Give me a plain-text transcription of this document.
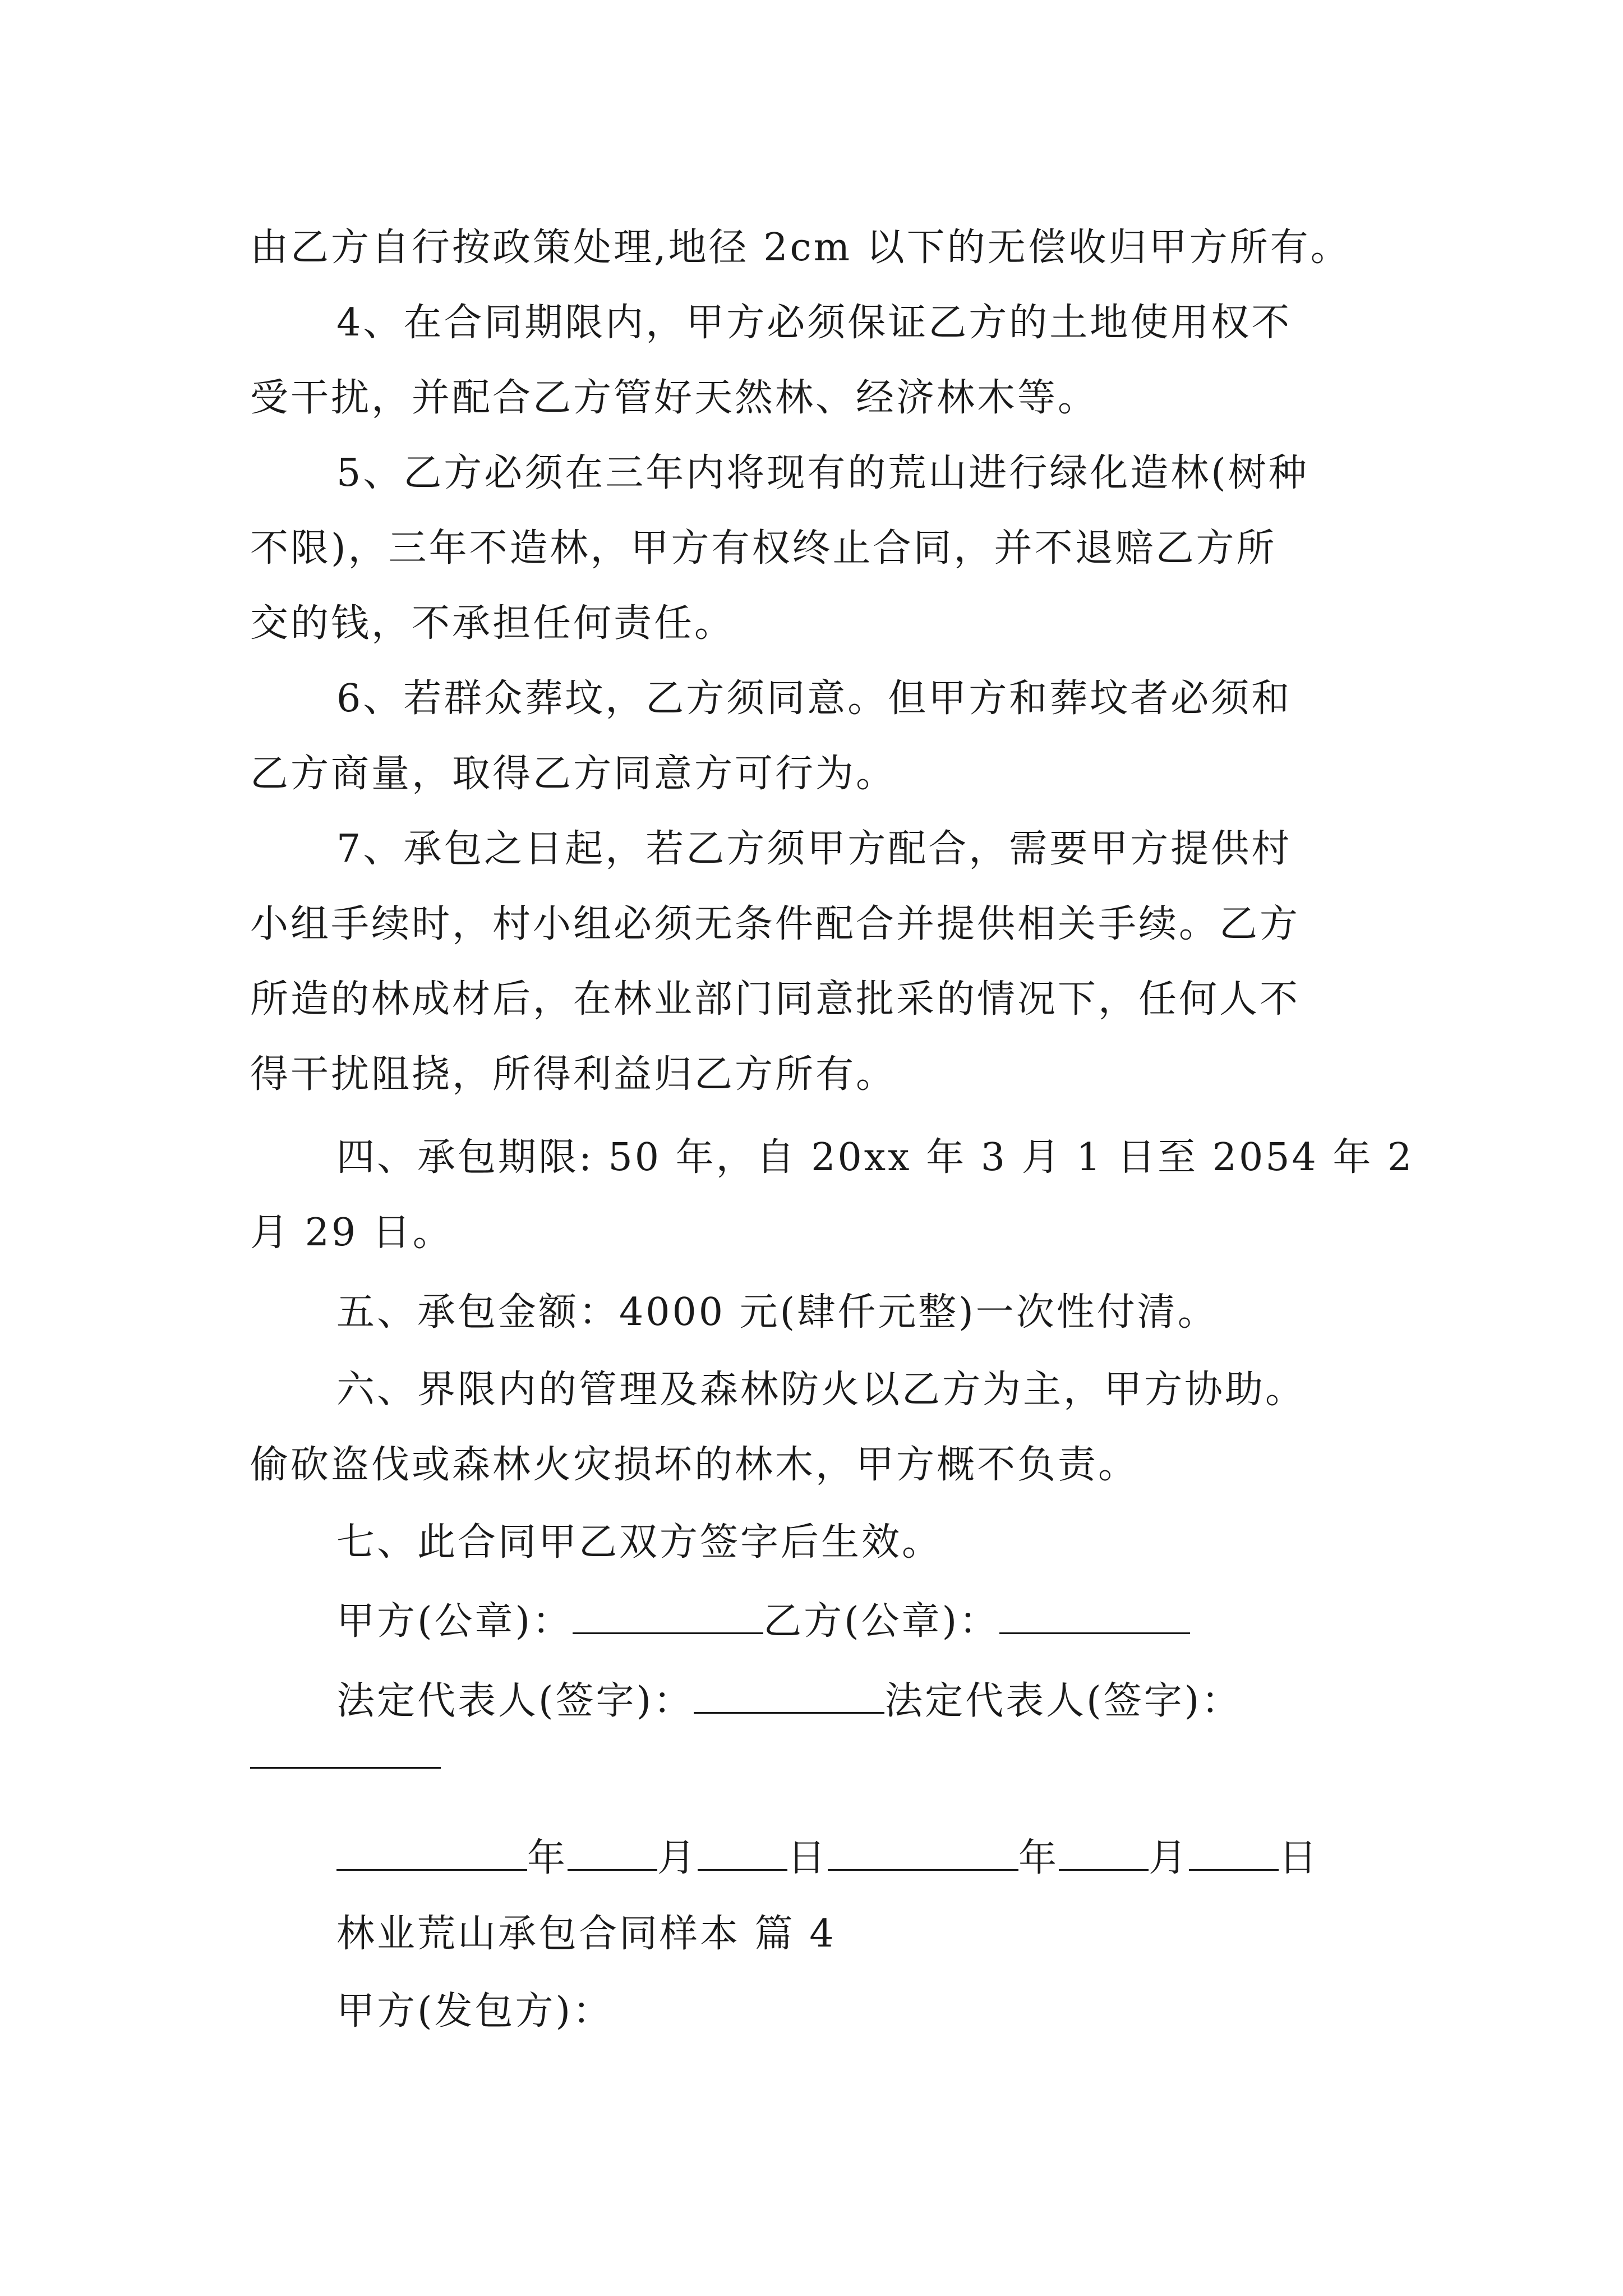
由乙方自行按政策处理,地径 2cm 以下的无偿收归甲方所有。
4、在合同期限内，甲方必须保证乙方的土地使用权不
受干扰，并配合乙方管好天然林、经济林木等。
5、乙方必须在三年内将现有的荒山进行绿化造林(树种
不限)，三年不造林，甲方有权终止合同，并不退赔乙方所
交的钱，不承担任何责任。
6、若群众葬坟，乙方须同意。但甲方和葬坟者必须和
乙方商量，取得乙方同意方可行为。
7、承包之日起，若乙方须甲方配合，需要甲方提供村
小组手续时，村小组必须无条件配合并提供相关手续。乙方
所造的林成材后，在林业部门同意批采的情况下，任何人不
得干扰阻挠，所得利益归乙方所有。
四、承包期限: 50 年，自 20xx 年 3 月 1 日至 2054 年 2
月 29 日。
五、承包金额：4000 元(肆仟元整)一次性付清。
六、界限内的管理及森林防火以乙方为主，甲方协助。
偷砍盗伐或森林火灾损坏的林木，甲方概不负责。
七、此合同甲乙双方签字后生效。
甲方(公章)：	乙方(公章)：
法定代表人(签字)：	法定代表人(签字)：
年 月 日	年 月 日
林业荒山承包合同样本 篇 4
甲方(发包方)：
